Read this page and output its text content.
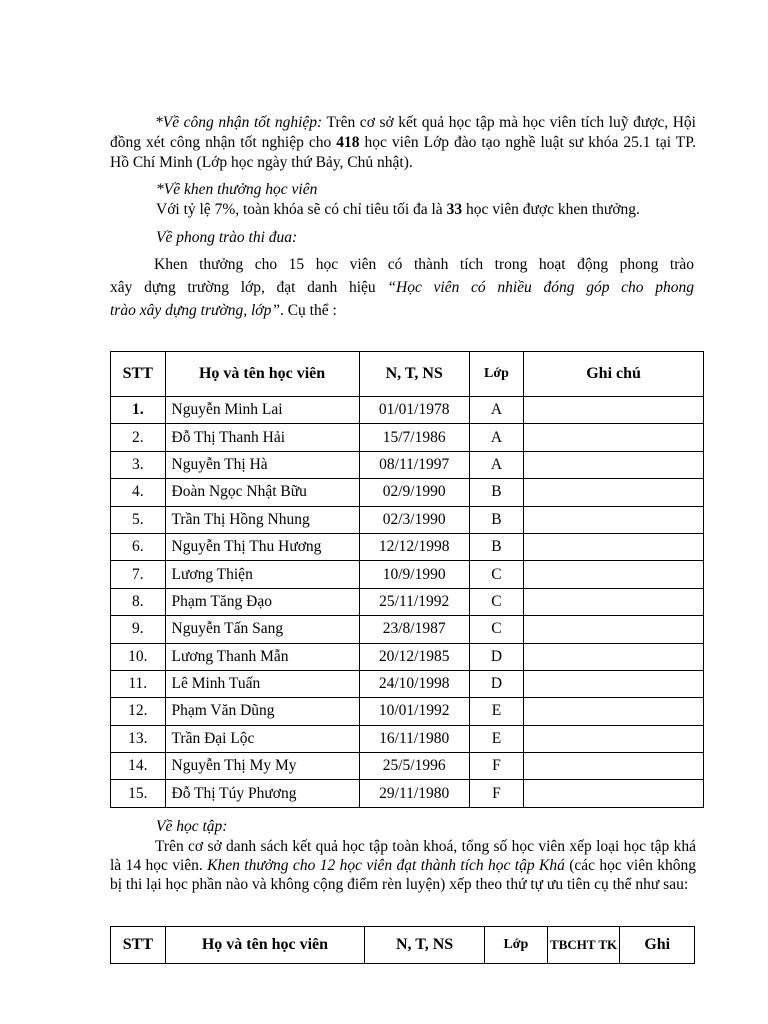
*Về công nhận tốt nghiệp: Trên cơ sở kết quả học tập mà học viên tích luỹ được, Hội đồng xét công nhận tốt nghiệp cho 418 học viên Lớp đào tạo nghề luật sư khóa 25.1 tại TP. Hồ Chí Minh (Lớp học ngày thứ Bảy, Chủ nhật).
*Về khen thưởng học viên
Với tỷ lệ 7%, toàn khóa sẽ có chỉ tiêu tối đa là 33 học viên được khen thưởng.
Về phong trào thi đua:
Khen thưởng cho 15 học viên có thành tích trong hoạt động phong trào
xây dựng trường lớp, đạt danh hiệu “Học viên có nhiều đóng góp cho phong
trào xây dựng trường, lớp”. Cụ thể :
STT	Họ và tên học viên	N, T, NS	Lớp	Ghi chú
1.	Nguyễn Minh Lai	01/01/1978	A	
2.	Đỗ Thị Thanh Hải	15/7/1986	A	
3.	Nguyễn Thị Hà	08/11/1997	A	
4.	Đoàn Ngọc Nhật Bữu	02/9/1990	B	
5.	Trần Thị Hồng Nhung	02/3/1990	B	
6.	Nguyễn Thị Thu Hương	12/12/1998	B	
7.	Lương Thiện	10/9/1990	C	
8.	Phạm Tăng Đạo	25/11/1992	C	
9.	Nguyễn Tấn Sang	23/8/1987	C	
10.	Lương Thanh Mẫn	20/12/1985	D	
11.	Lê Minh Tuấn	24/10/1998	D	
12.	Phạm Văn Dũng	10/01/1992	E	
13.	Trần Đại Lộc	16/11/1980	E	
14.	Nguyễn Thị My My	25/5/1996	F	
15.	Đỗ Thị Túy Phương	29/11/1980	F	
Về học tập:
Trên cơ sở danh sách kết quả học tập toàn khoá, tổng số học viên xếp loại học tập khá là 14 học viên. Khen thưởng cho 12 học viên đạt thành tích học tập Khá (các học viên không bị thi lại học phần nào và không cộng điểm rèn luyện) xếp theo thứ tự ưu tiên cụ thể như sau:
STT	Họ và tên học viên	N, T, NS	Lớp	TBCHT TK	Ghi
